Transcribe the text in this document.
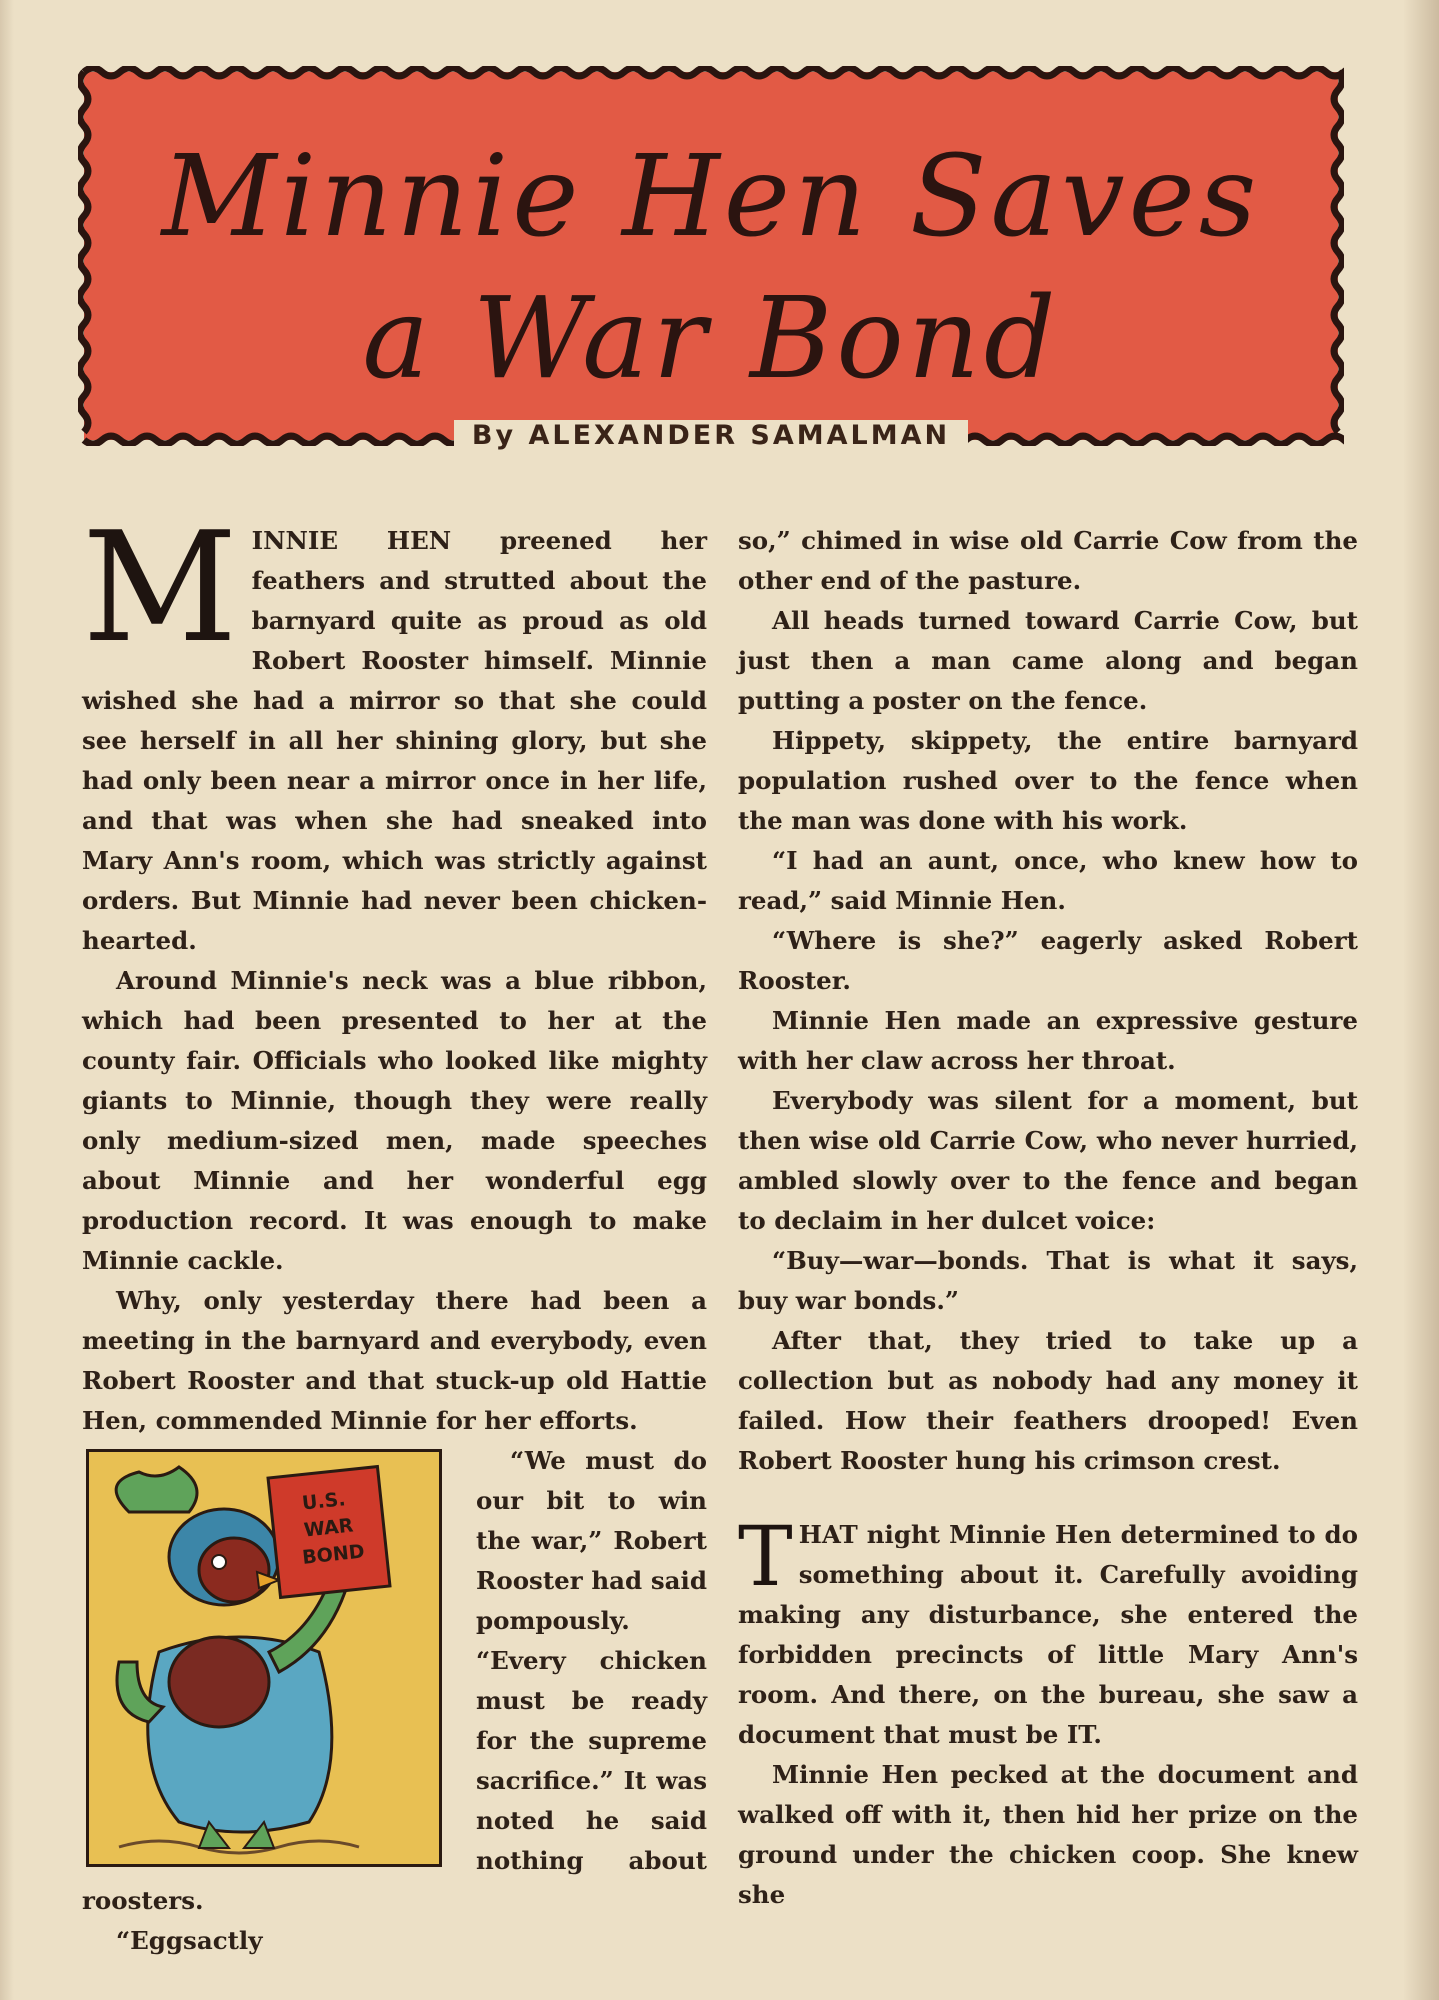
Minnie Hen Saves
a War Bond
By ALEXANDER SAMALMAN

MINNIE HEN preened her feathers and strutted about the barnyard quite as proud as old Robert Rooster himself. Minnie wished she had a mirror so that she could see herself in all her shining glory, but she had only been near a mirror once in her life, and that was when she had sneaked into Mary Ann's room, which was strictly against orders. But Minnie had never been chicken-hearted.

Around Minnie's neck was a blue ribbon, which had been presented to her at the county fair. Officials who looked like mighty giants to Minnie, though they were really only medium-sized men, made speeches about Minnie and her wonderful egg production record. It was enough to make Minnie cackle.

Why, only yesterday there had been a meeting in the barnyard and everybody, even Robert Rooster and that stuck-up old Hattie Hen, commended Minnie for her efforts.

U.S.
WAR
BOND

“We must do our bit to win the war,” Robert Rooster had said pompously. “Every chicken must be ready for the supreme sacrifice.” It was noted he said nothing about roosters.

“Eggsactly

so,” chimed in wise old Carrie Cow from the other end of the pasture.

All heads turned toward Carrie Cow, but just then a man came along and began putting a poster on the fence.

Hippety, skippety, the entire barnyard population rushed over to the fence when the man was done with his work.

“I had an aunt, once, who knew how to read,” said Minnie Hen.

“Where is she?” eagerly asked Robert Rooster.

Minnie Hen made an expressive gesture with her claw across her throat.

Everybody was silent for a moment, but then wise old Carrie Cow, who never hurried, ambled slowly over to the fence and began to declaim in her dulcet voice:

“Buy—war—bonds. That is what it says, buy war bonds.”

After that, they tried to take up a collection but as nobody had any money it failed. How their feathers drooped! Even Robert Rooster hung his crimson crest.

THAT night Minnie Hen determined to do something about it. Carefully avoiding making any disturbance, she entered the forbidden precincts of little Mary Ann's room. And there, on the bureau, she saw a document that must be IT.

Minnie Hen pecked at the document and walked off with it, then hid her prize on the ground under the chicken coop. She knew she
